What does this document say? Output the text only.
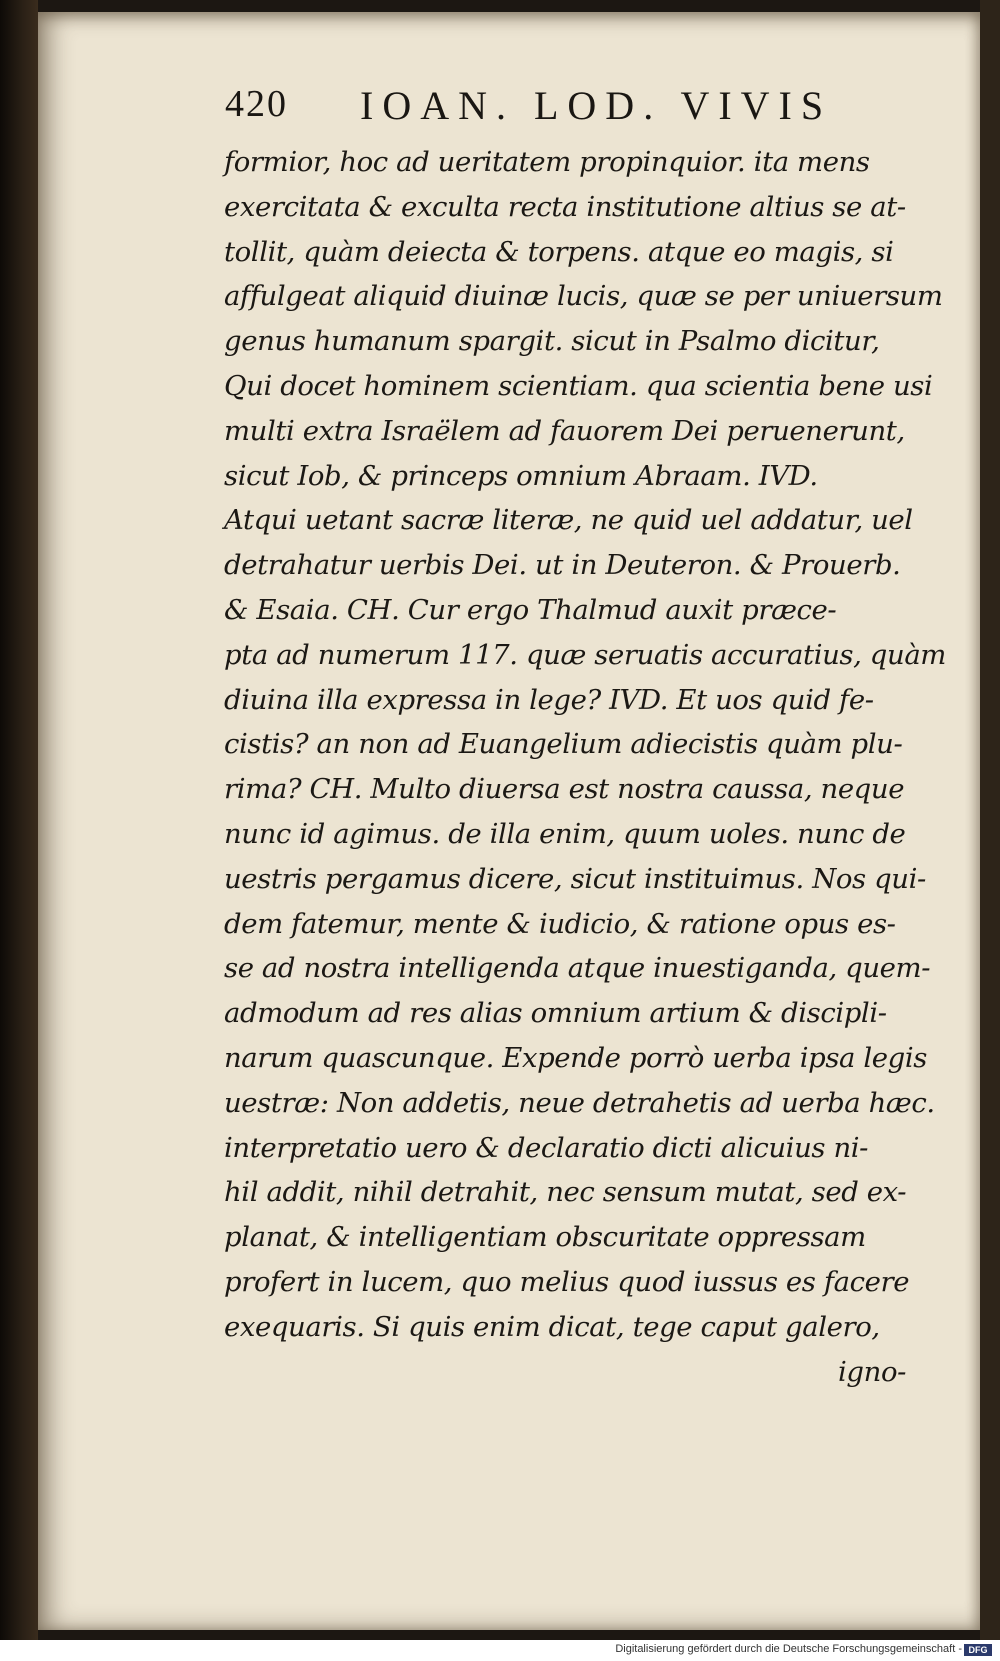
420 IOAN. LOD. VIVIS
formior, hoc ad ueritatem propinquior. ita mens
exercitata & exculta recta institutione altius se at-
tollit, quàm deiecta & torpens. atque eo magis, si
affulgeat aliquid diuinæ lucis, quæ se per uniuersum
genus humanum spargit. sicut in Psalmo dicitur,
Qui docet hominem scientiam. qua scientia bene usi
multi extra Israëlem ad fauorem Dei peruenerunt,
sicut Iob, & princeps omnium Abraam. IVD.
Atqui uetant sacræ literæ, ne quid uel addatur, uel
detrahatur uerbis Dei. ut in Deuteron. & Prouerb.
& Esaia. CH. Cur ergo Thalmud auxit præce-
pta ad numerum 117. quæ seruatis accuratius, quàm
diuina illa expressa in lege? IVD. Et uos quid fe-
cistis? an non ad Euangelium adiecistis quàm plu-
rima? CH. Multo diuersa est nostra caussa, neque
nunc id agimus. de illa enim, quum uoles. nunc de
uestris pergamus dicere, sicut instituimus. Nos qui-
dem fatemur, mente & iudicio, & ratione opus es-
se ad nostra intelligenda atque inuestiganda, quem-
admodum ad res alias omnium artium & discipli-
narum quascunque. Expende porrò uerba ipsa legis
uestræ: Non addetis, neue detrahetis ad uerba hæc.
interpretatio uero & declaratio dicti alicuius ni-
hil addit, nihil detrahit, nec sensum mutat, sed ex-
planat, & intelligentiam obscuritate oppressam
profert in lucem, quo melius quod iussus es facere
exequaris. Si quis enim dicat, tege caput galero,
igno-
Digitalisierung gefördert durch die Deutsche Forschungsgemeinschaft - DFG
